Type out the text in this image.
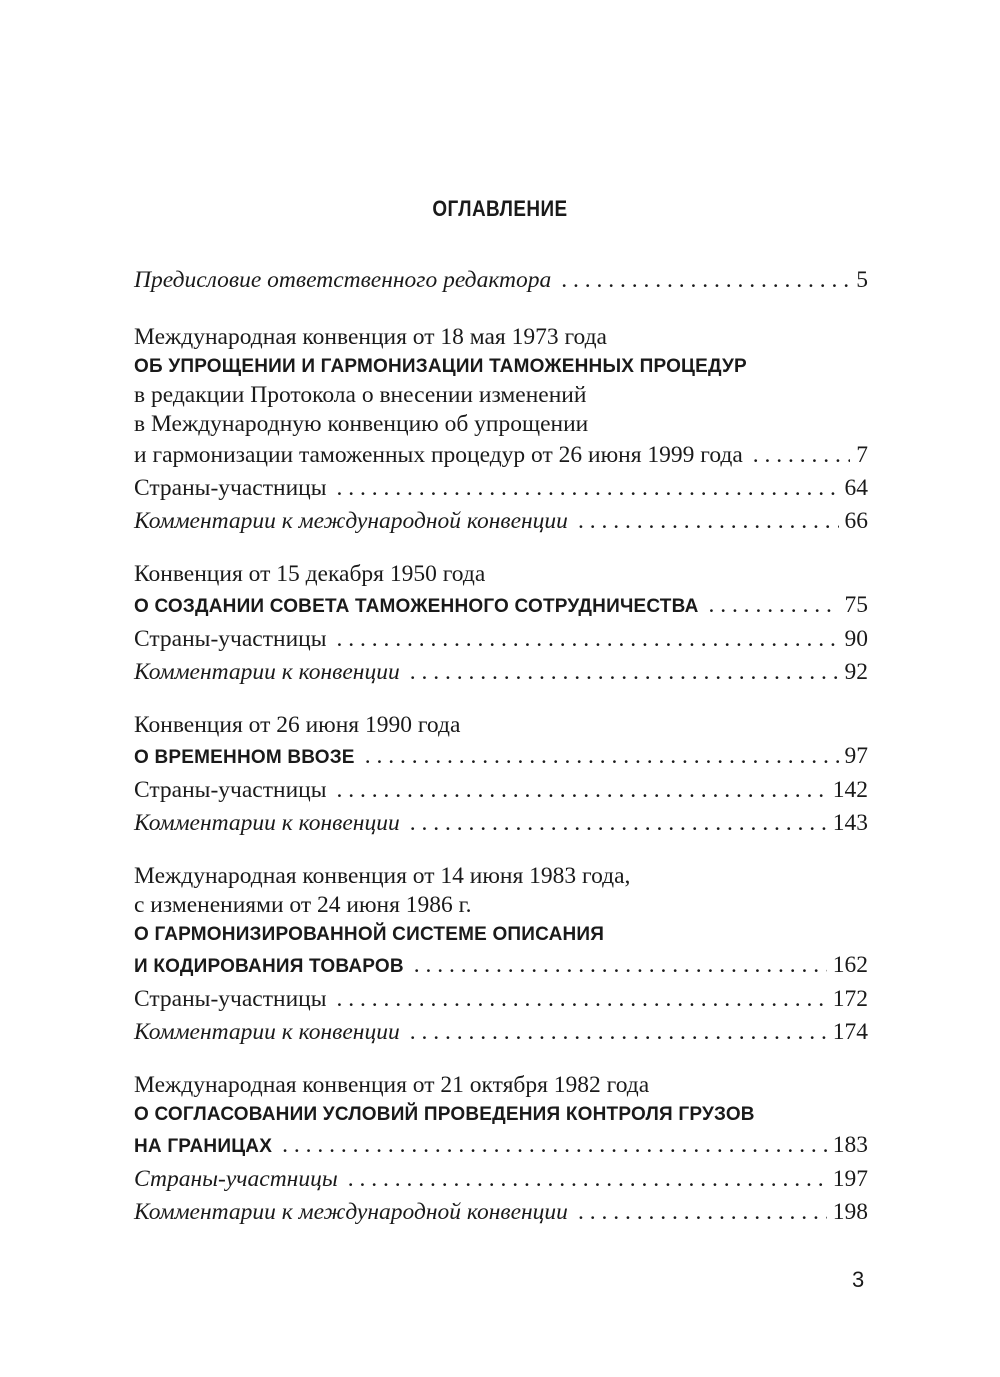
ОГЛАВЛЕНИЕ
Предисловие ответственного редактора . . .	5
Международная конвенция от 18 мая 1973 года
ОБ УПРОЩЕНИИ И ГАРМОНИЗАЦИИ ТАМОЖЕННЫХ ПРОЦЕДУР
в редакции Протокола о внесении изменений
в Международную конвенцию об упрощении
и гармонизации таможенных процедур от 26 июня 1999 года . . .	7
Страны-участницы . . .	64
Комментарии к международной конвенции . . .	66
Конвенция от 15 декабря 1950 года
О СОЗДАНИИ СОВЕТА ТАМОЖЕННОГО СОТРУДНИЧЕСТВА . . .	75
Страны-участницы . . .	90
Комментарии к конвенции . . .	92
Конвенция от 26 июня 1990 года
О ВРЕМЕННОМ ВВОЗЕ . . .	97
Страны-участницы . . .	142
Комментарии к конвенции . . .	143
Международная конвенция от 14 июня 1983 года,
с изменениями от 24 июня 1986 г.
О ГАРМОНИЗИРОВАННОЙ СИСТЕМЕ ОПИСАНИЯ
И КОДИРОВАНИЯ ТОВАРОВ . . .	162
Страны-участницы . . .	172
Комментарии к конвенции . . .	174
Международная конвенция от 21 октября 1982 года
О СОГЛАСОВАНИИ УСЛОВИЙ ПРОВЕДЕНИЯ КОНТРОЛЯ ГРУЗОВ
НА ГРАНИЦАХ . . .	183
Страны-участницы . . .	197
Комментарии к международной конвенции . . .	198
3
